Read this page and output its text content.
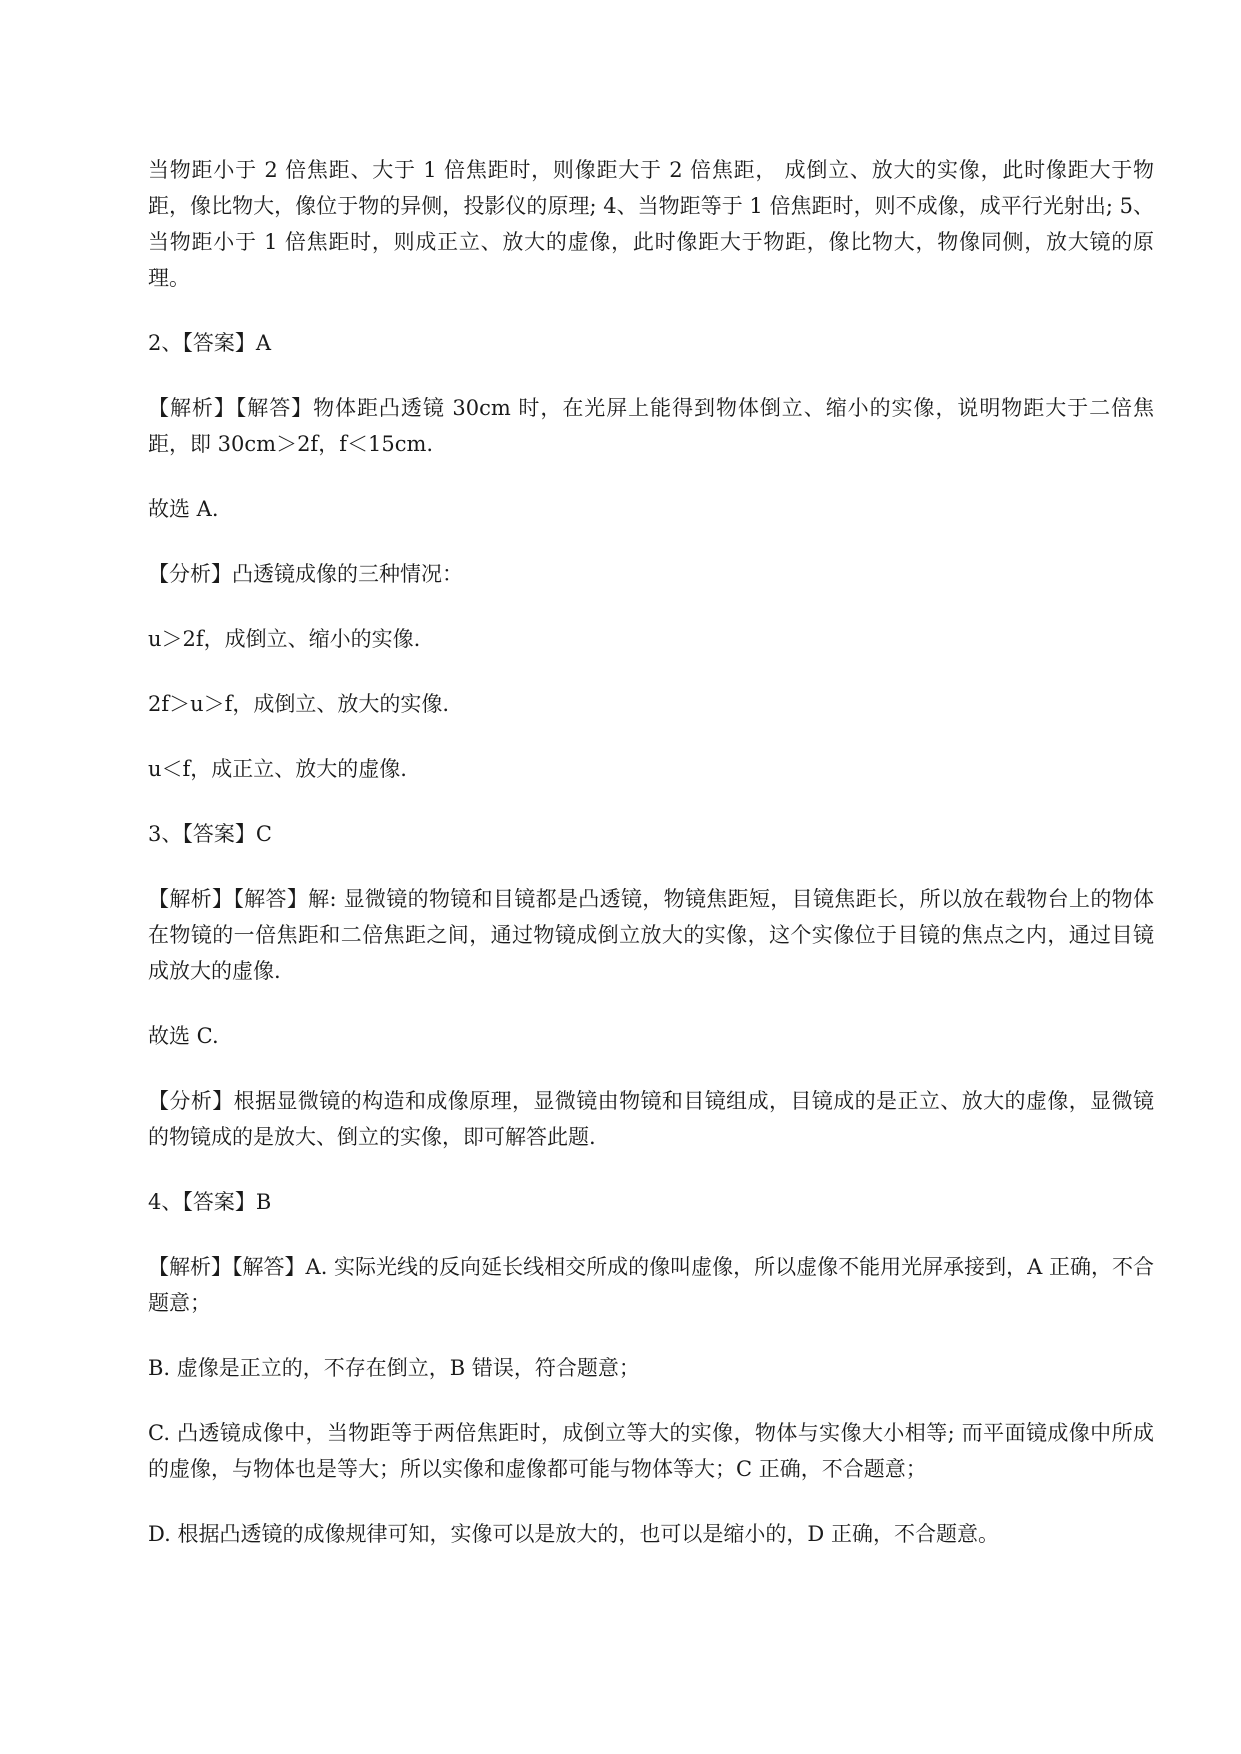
当物距小于 2 倍焦距、大于 1 倍焦距时，则像距大于 2 倍焦距， 成倒立、放大的实像，此时像距大于物距，像比物大，像位于物的异侧，投影仪的原理; 4、当物距等于 1 倍焦距时，则不成像，成平行光射出; 5、当物距小于 1 倍焦距时，则成正立、放大的虚像，此时像距大于物距，像比物大，物像同侧，放大镜的原理。

2、【答案】A

【解析】【解答】物体距凸透镜 30cm 时，在光屏上能得到物体倒立、缩小的实像，说明物距大于二倍焦距，即 30cm＞2f，f＜15cm.

故选 A.

【分析】凸透镜成像的三种情况：

u＞2f，成倒立、缩小的实像.

2f＞u＞f，成倒立、放大的实像.

u＜f，成正立、放大的虚像.

3、【答案】C

【解析】【解答】解: 显微镜的物镜和目镜都是凸透镜，物镜焦距短，目镜焦距长，所以放在载物台上的物体在物镜的一倍焦距和二倍焦距之间，通过物镜成倒立放大的实像，这个实像位于目镜的焦点之内，通过目镜成放大的虚像.

故选 C.

【分析】根据显微镜的构造和成像原理，显微镜由物镜和目镜组成，目镜成的是正立、放大的虚像，显微镜的物镜成的是放大、倒立的实像，即可解答此题.

4、【答案】B

【解析】【解答】A. 实际光线的反向延长线相交所成的像叫虚像，所以虚像不能用光屏承接到，A 正确，不合题意；

B. 虚像是正立的，不存在倒立，B 错误，符合题意；

C. 凸透镜成像中，当物距等于两倍焦距时，成倒立等大的实像，物体与实像大小相等; 而平面镜成像中所成的虚像，与物体也是等大；所以实像和虚像都可能与物体等大；C 正确，不合题意；

D. 根据凸透镜的成像规律可知，实像可以是放大的，也可以是缩小的，D 正确，不合题意。
